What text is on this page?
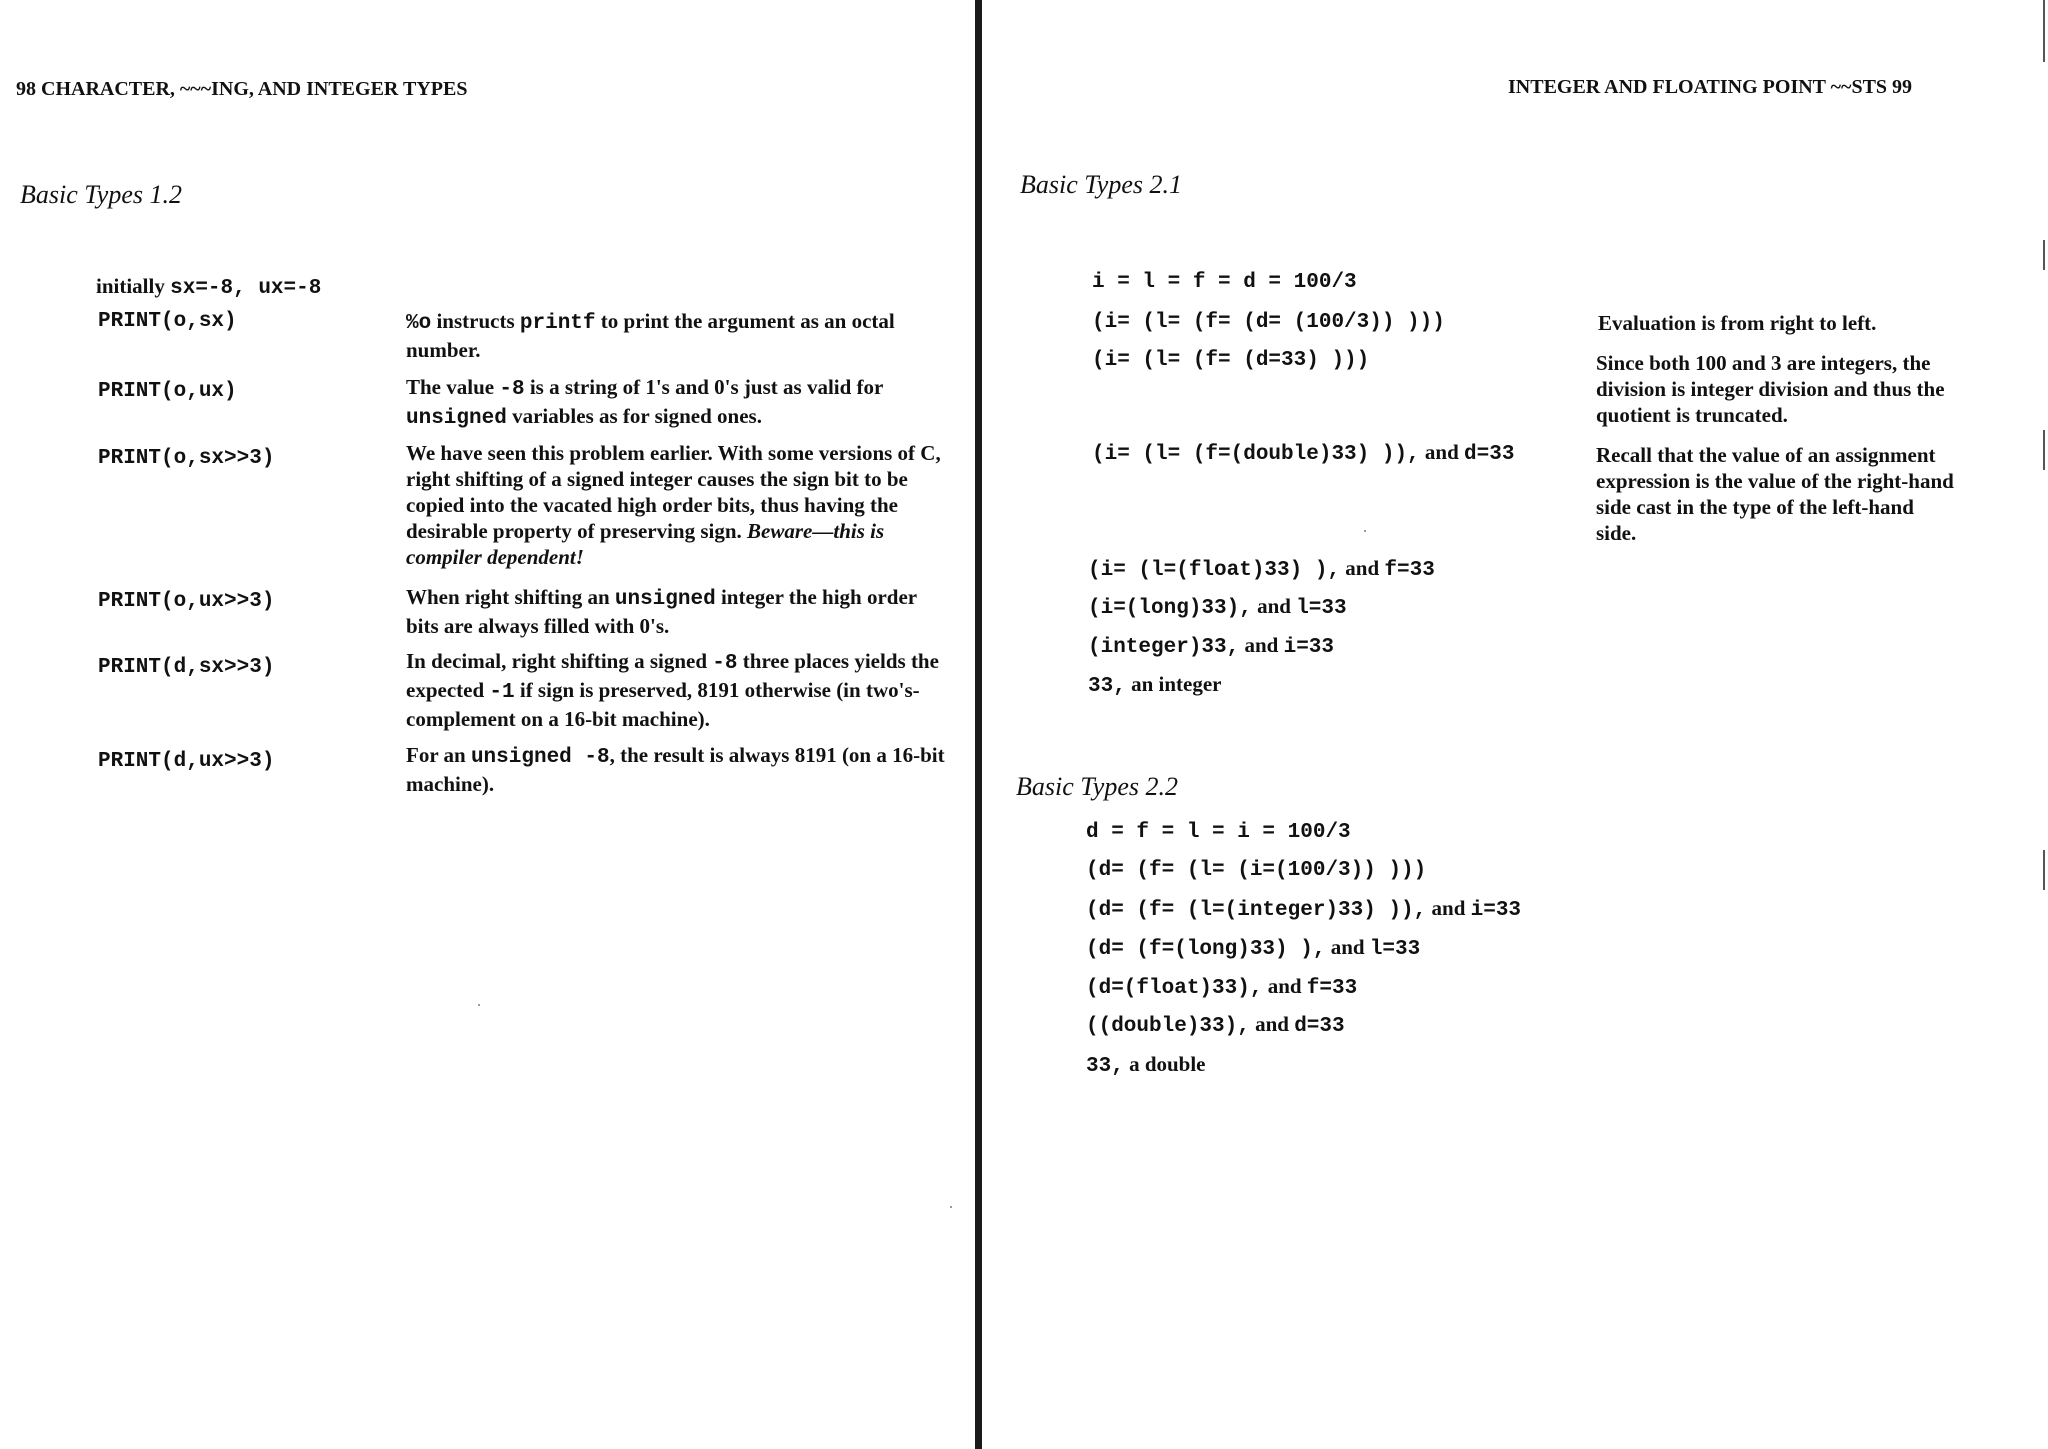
98 CHARACTER, ~~~ING, AND INTEGER TYPES
Basic Types 1.2
initially sx=-8, ux=-8
PRINT(o,sx)	%o instructs printf to print the argument as an octal number.
PRINT(o,ux)	The value -8 is a string of 1's and 0's just as valid for unsigned variables as for signed ones.
PRINT(o,sx>>3)	We have seen this problem earlier. With some versions of C, right shifting of a signed integer causes the sign bit to be copied into the vacated high order bits, thus having the desirable property of preserving sign. Beware—this is compiler dependent!
PRINT(o,ux>>3)	When right shifting an unsigned integer the high order bits are always filled with 0's.
PRINT(d,sx>>3)	In decimal, right shifting a signed -8 three places yields the expected -1 if sign is preserved, 8191 otherwise (in two's-complement on a 16-bit machine).
PRINT(d,ux>>3)	For an unsigned -8, the result is always 8191 (on a 16-bit machine).
INTEGER AND FLOATING POINT ~~STS 99
Basic Types 2.1
i = l = f = d = 100/3
(i= (l= (f= (d= (100/3)) )))
(i= (l= (f= (d=33) )))
(i= (l= (f=(double)33) )), and d=33
(i= (l=(float)33) ), and f=33
(i=(long)33), and l=33
(integer)33, and i=33
33, an integer
Evaluation is from right to left.
Since both 100 and 3 are integers, the division is integer division and thus the quotient is truncated.
Recall that the value of an assignment expression is the value of the right-hand side cast in the type of the left-hand side.
Basic Types 2.2
d = f = l = i = 100/3
(d= (f= (l= (i=(100/3)) )))
(d= (f= (l=(integer)33) )), and i=33
(d= (f=(long)33) ), and l=33
(d=(float)33), and f=33
((double)33), and d=33
33, a double
